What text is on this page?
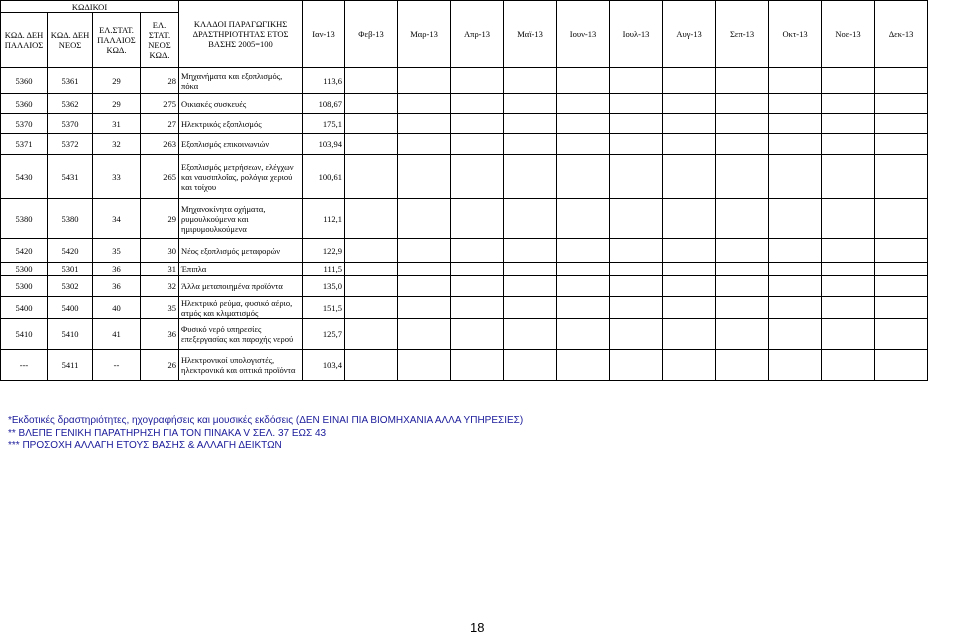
ΚΩΔΙΚΟΙ				ΚΛΑΔΟΙ ΠΑΡΑΓΩΓΙΚΗΣ ΔΡΑΣΤΗΡΙΟΤΗΤΑΣ ΕΤΟΣ ΒΑΣΗΣ 2005=100	Ιαν-13	Φεβ-13	Μαρ-13	Απρ-13	Μαϊ-13	Ιουν-13	Ιουλ-13	Αυγ-13	Σεπ-13	Οκτ-13	Νοε-13	Δεκ-13
ΚΩΔ. ΔΕΗ ΠΑΛΑΙΟΣ	ΚΩΔ. ΔΕΗ ΝΕΟΣ	ΕΛ.ΣΤΑΤ. ΠΑΛΑΙΟΣ ΚΩΔ.	ΕΛ. ΣΤΑΤ. ΝΕΟΣ ΚΩΔ.													
5360	5361	29	28	Μηχανήματα και εξοπλισμός, πόκα	113,6											
5360	5362	29	275	Οικιακές συσκευές	108,67											
5370	5370	31	27	Ηλεκτρικός εξοπλισμός	175,1											
5371	5372	32	263	Εξοπλισμός επικοινωνιών	103,94											
5430	5431	33	265	Εξοπλισμός μετρήσεων, ελέγχων και ναυσιπλοΐας, ρολόγια χεριού και τοίχου	100,61											
5380	5380	34	29	Μηχανοκίνητα οχήματα, ρυμουλκούμενα και ημιρυμουλκούμενα	112,1											
5420	5420	35	30	Νέος εξοπλισμός μεταφορών	122,9											
5300	5301	36	31	Έπιπλα	111,5											
5300	5302	36	32	Άλλα μεταποιημένα προϊόντα	135,0											
5400	5400	40	35	Ηλεκτρικό ρεύμα, φυσικό αέριο, ατμός και κλιματισμός	151,5											
5410	5410	41	36	Φυσικό νερό υπηρεσίες επεξεργασίας και παροχής νερού	125,7											
---	5411	--	26	Ηλεκτρονικοί υπολογιστές, ηλεκτρονικά και οπτικά προϊόντα	103,4											
*Εκδοτικές δραστηριότητες, ηχογραφήσεις και μουσικές εκδόσεις (ΔΕΝ ΕΙΝΑΙ ΠΙΑ ΒΙΟΜΗΧΑΝΙΑ ΑΛΛΑ ΥΠΗΡΕΣΙΕΣ)
** ΒΛΕΠΕ ΓΕΝΙΚΗ ΠΑΡΑΤΗΡΗΣΗ ΓΙΑ ΤΟΝ ΠΙΝΑΚΑ V ΣΕΛ. 37 ΕΩΣ 43
*** ΠΡΟΣΟΧΗ ΑΛΛΑΓΗ ΕΤΟΥΣ ΒΑΣΗΣ & ΑΛΛΑΓΗ ΔΕΙΚΤΩΝ
18
